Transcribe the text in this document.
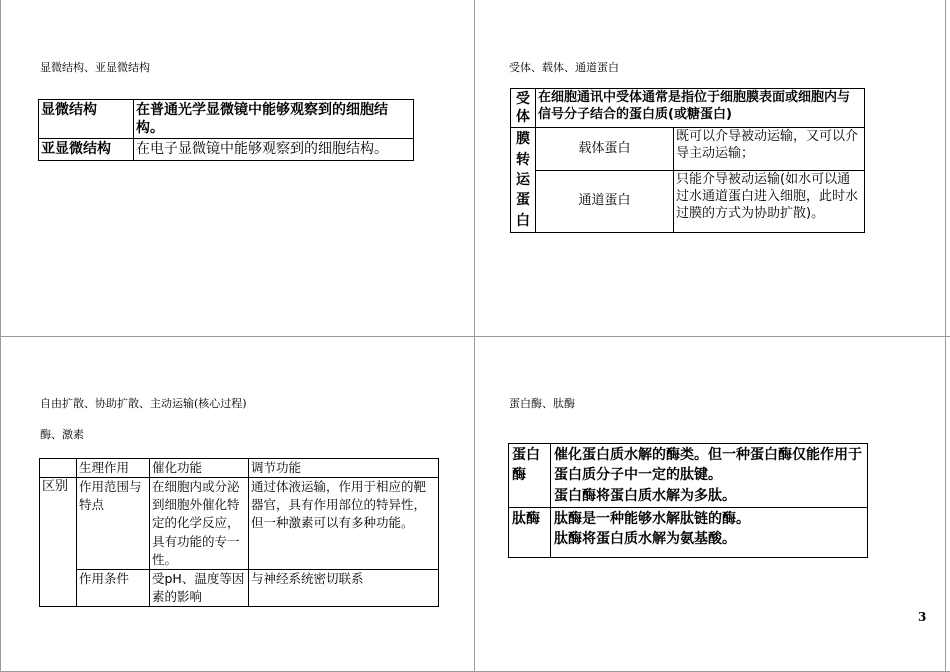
显微结构、亚显微结构
显微结构	在普通光学显微镜中能够观察到的细胞结构。
亚显微结构	在电子显微镜中能够观察到的细胞结构。
受体、载体、通道蛋白
受体	在细胞通讯中受体通常是指位于细胞膜表面或细胞内与信号分子结合的蛋白质(或糖蛋白)	
膜转运蛋白	载体蛋白	既可以介导被动运输，又可以介导主动运输；
	通道蛋白	只能介导被动运输(如水可以通过水通道蛋白进入细胞，此时水过膜的方式为协助扩散)。
自由扩散、协助扩散、主动运输(核心过程)
酶、激素
	生理作用	催化功能	调节功能
区别	作用范围与特点	在细胞内或分泌到细胞外催化特定的化学反应，具有功能的专一性。	通过体液运输，作用于相应的靶器官，具有作用部位的特异性，但一种激素可以有多种功能。
	作用条件	受pH、温度等因素的影响	与神经系统密切联系
蛋白酶、肽酶
蛋白酶	催化蛋白质水解的酶类。但一种蛋白酶仅能作用于蛋白质分子中一定的肽键。
蛋白酶将蛋白质水解为多肽。

肽酶	肽酶是一种能够水解肽链的酶。
肽酶将蛋白质水解为氨基酸。
3
